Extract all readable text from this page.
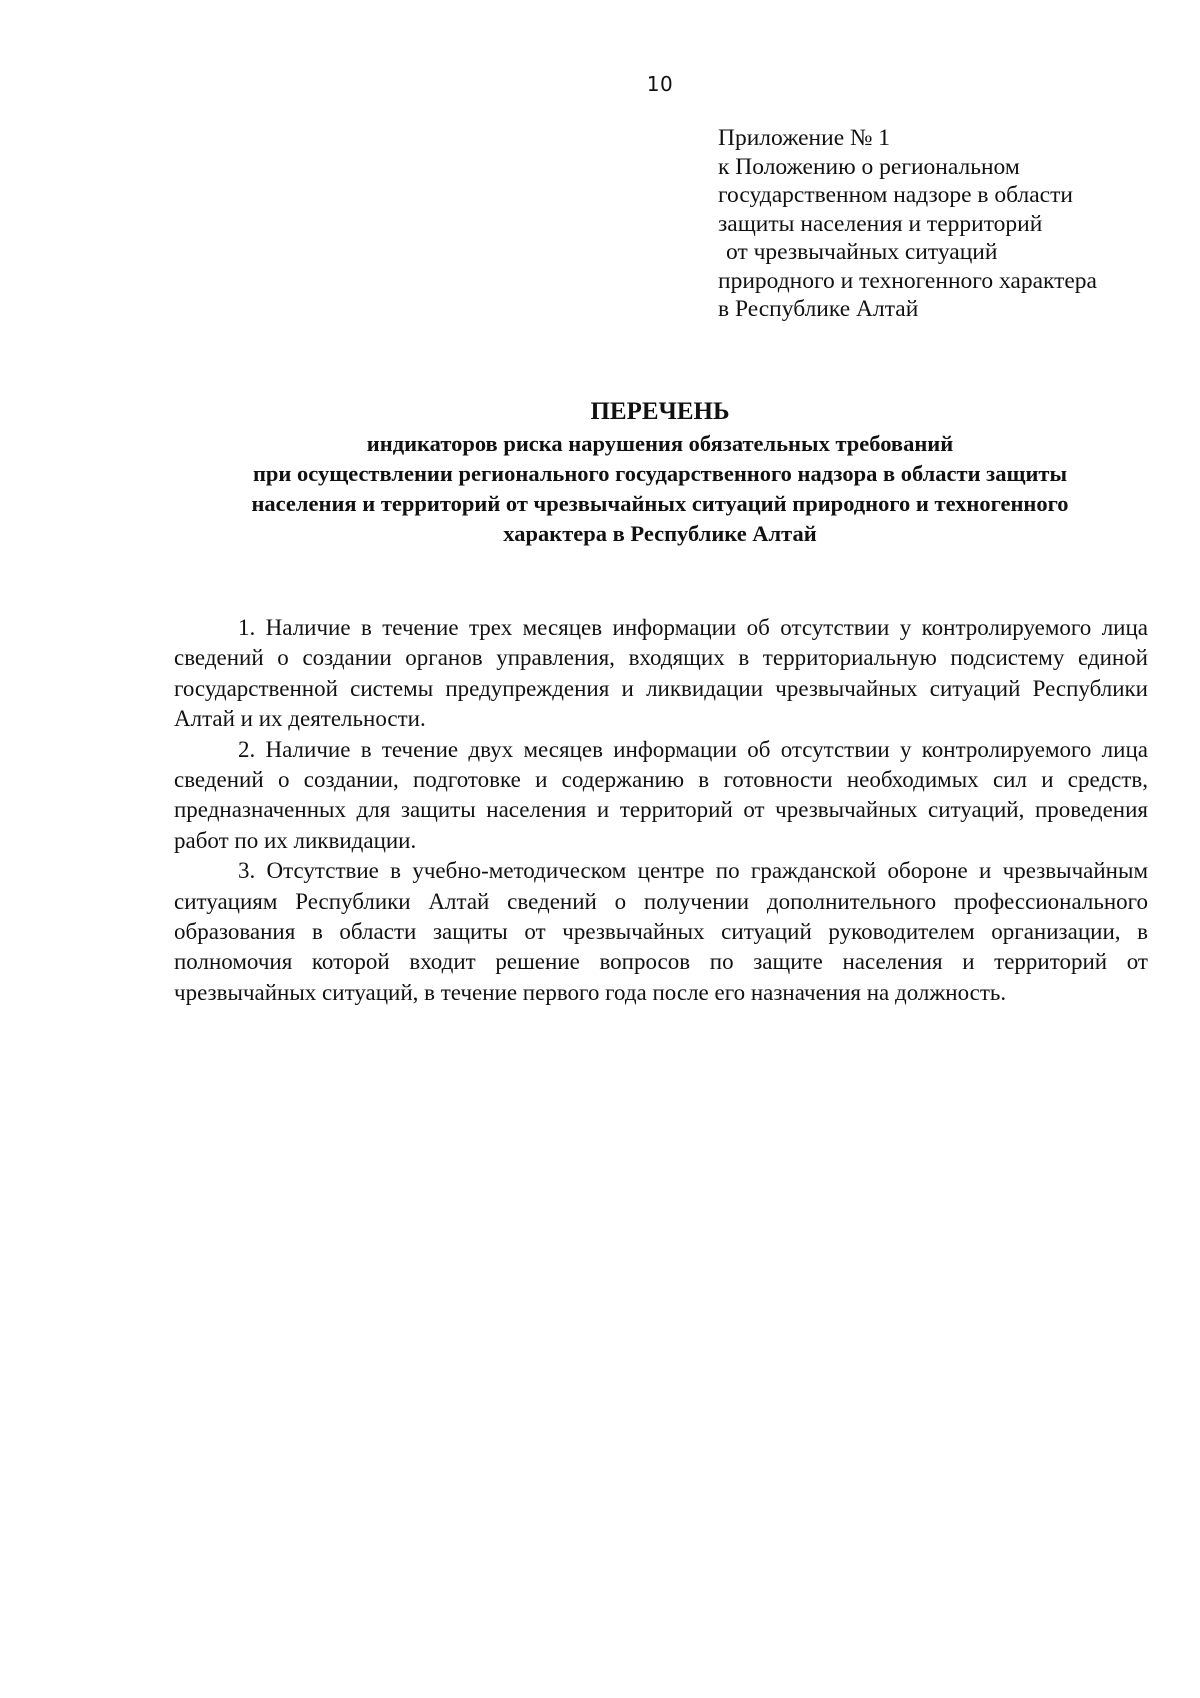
10
Приложение № 1
к Положению о региональном
государственном надзоре в области
защиты населения и территорий
от чрезвычайных ситуаций
природного и техногенного характера
в Республике Алтай
ПЕРЕЧЕНЬ
индикаторов риска нарушения обязательных требований
при осуществлении регионального государственного надзора в области защиты
населения и территорий от чрезвычайных ситуаций природного и техногенного
характера в Республике Алтай

1. Наличие в течение трех месяцев информации об отсутствии у контролируемого лица сведений о создании органов управления, входящих в территориальную подсистему единой государственной системы предупреждения и ликвидации чрезвычайных ситуаций Республики Алтай и их деятельности.

2. Наличие в течение двух месяцев информации об отсутствии у контролируемого лица сведений о создании, подготовке и содержанию в готовности необходимых сил и средств, предназначенных для защиты населения и территорий от чрезвычайных ситуаций, проведения работ по их ликвидации.

3. Отсутствие в учебно-методическом центре по гражданской обороне и чрезвычайным ситуациям Республики Алтай сведений о получении дополнительного профессионального образования в области защиты от чрезвычайных ситуаций руководителем организации, в полномочия которой входит решение вопросов по защите населения и территорий от чрезвычайных ситуаций, в течение первого года после его назначения на должность.
